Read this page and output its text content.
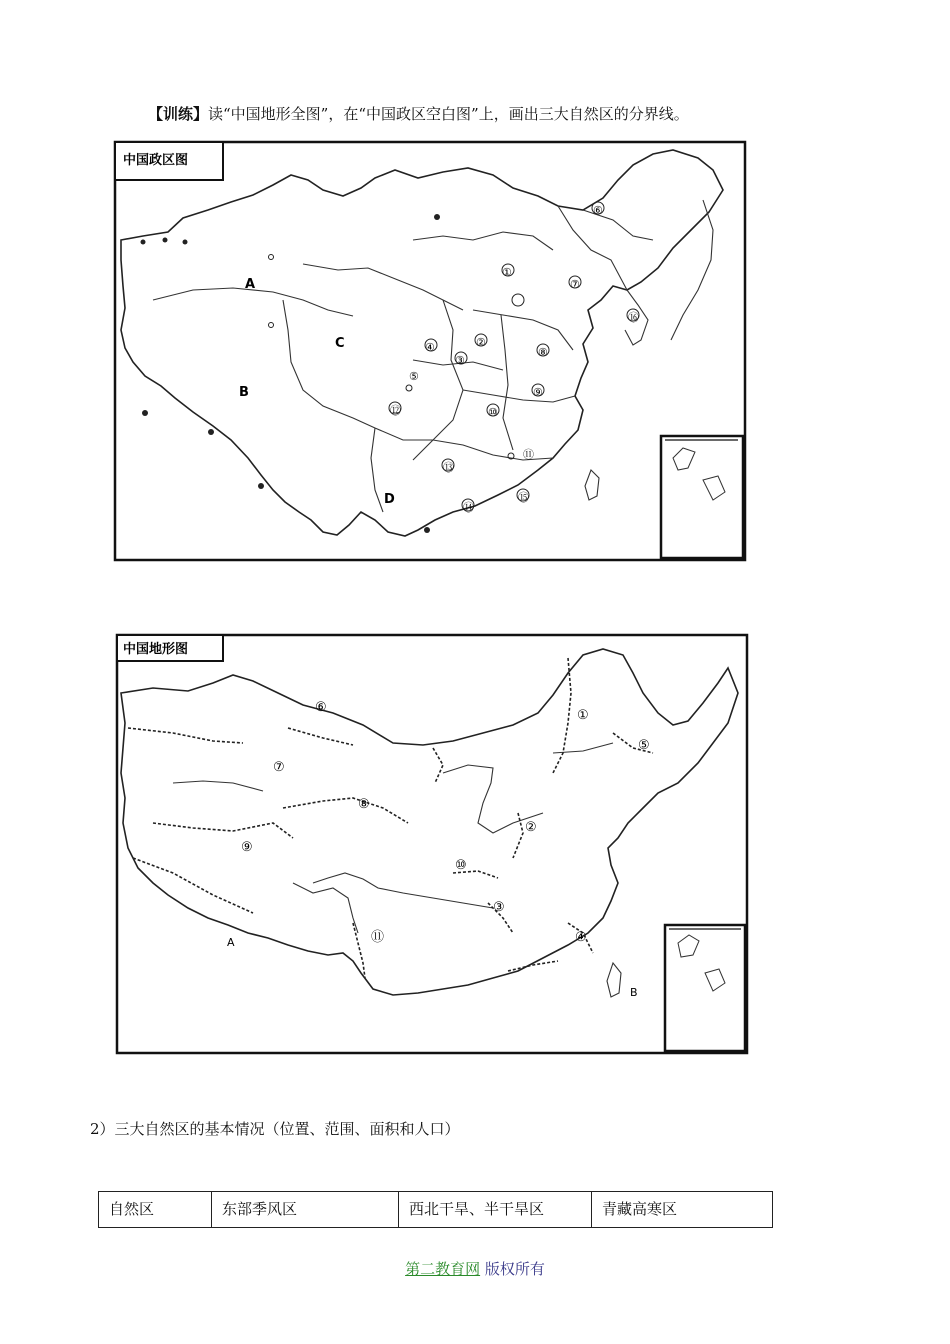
【训练】读“中国地形全图”，在“中国政区空白图”上，画出三大自然区的分界线。
中国政区图
A
B
C
D
①
②
③
④
⑤
⑥
⑦
⑧
⑨
⑩
⑪
⑫
⑬
⑭
⑮
⑯
中国地形图
A
B
①
②
③
④
⑤
⑥
⑦
⑧
⑨
⑩
⑪
2）三大自然区的基本情况（位置、范围、面积和人口）
自然区	东部季风区	西北干旱、半干旱区	青藏高寒区
第二教育网 版权所有
